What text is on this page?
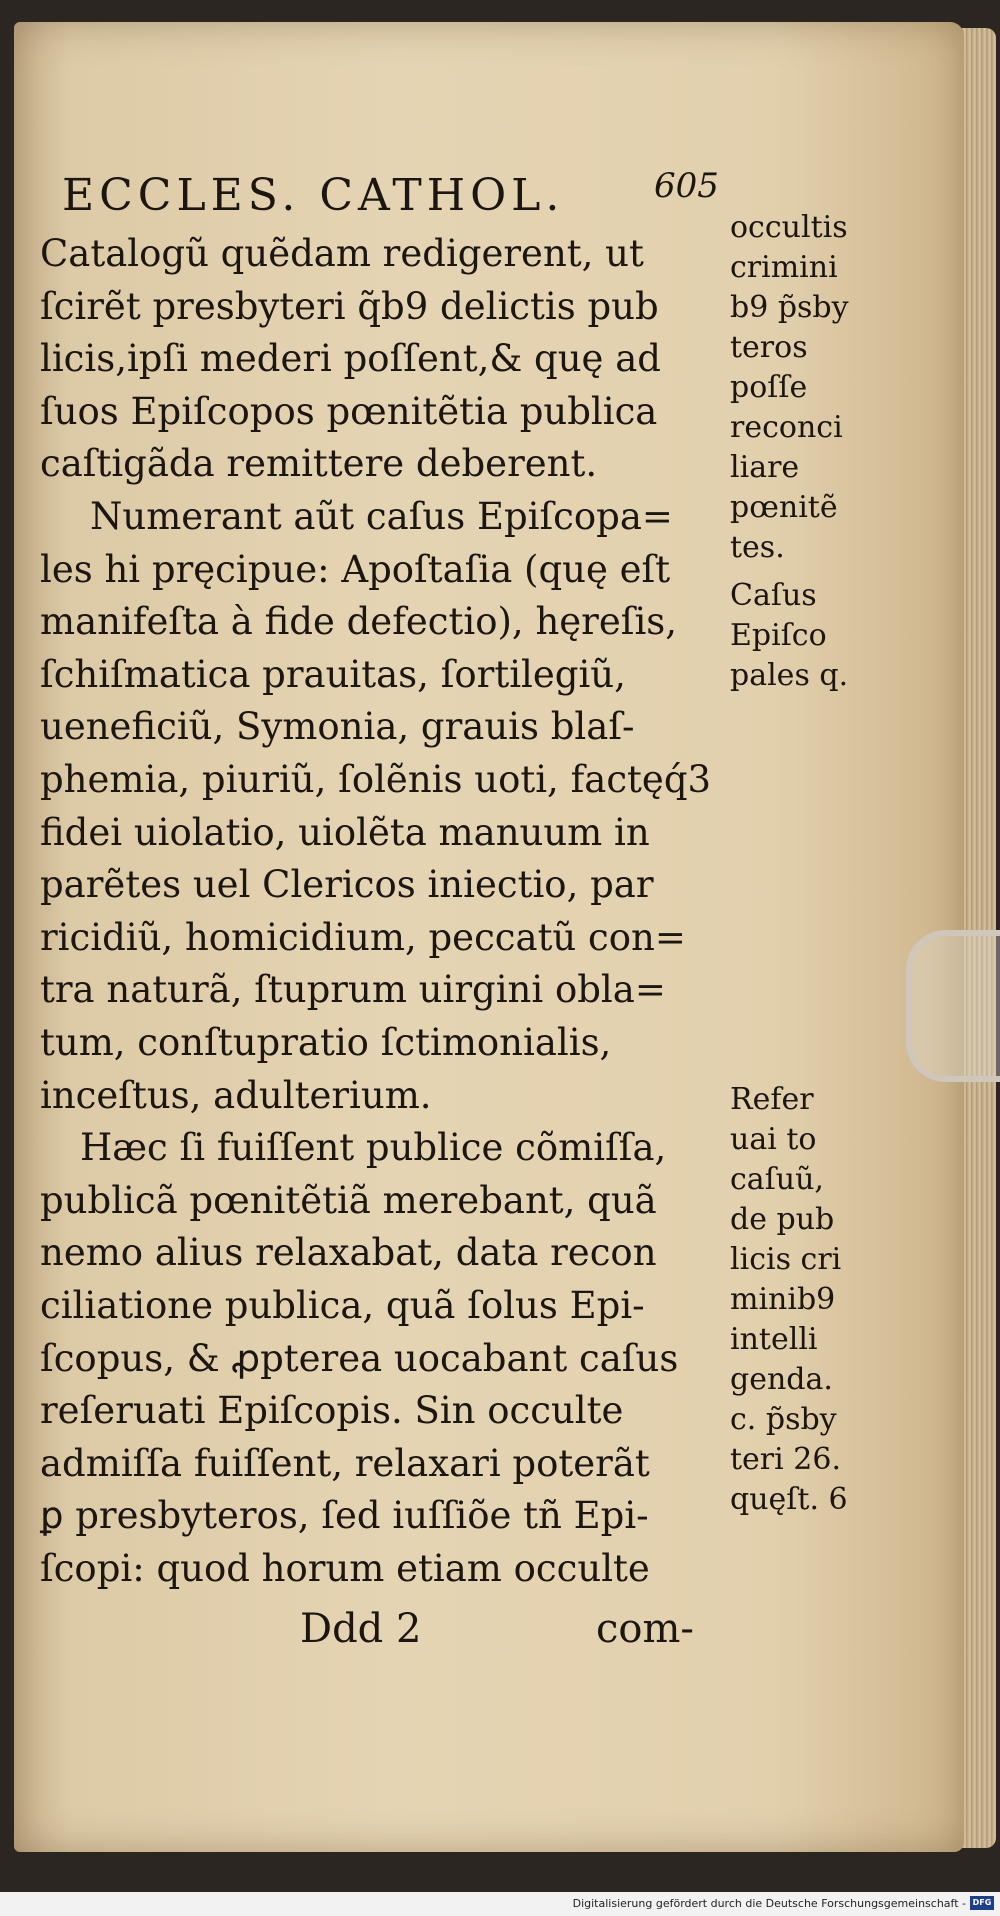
ECCLES. CATHOL.	605
Catalogũ quẽdam redigerent, ut
ſcirẽt presbyteri q̃b9 delictis pub
licis,ipſi mederi poſſent,& quę ad
ſuos Epiſcopos pœnitẽtia publica
caſtigãda remittere deberent.
Numerant aũt caſus Epiſcopa=
les hi pręcipue: Apoſtaſia (quę eſt
manifeſta à fide defectio), hęreſis,
ſchiſmatica prauitas, ſortilegiũ,
ueneficiũ, Symonia, grauis blaſ-
phemia, piuriũ, ſolẽnis uoti, factęq́3
fidei uiolatio, uiolẽta manuum in
parẽtes uel Clericos iniectio, par
ricidiũ, homicidium, peccatũ con=
tra naturã, ſtuprum uirgini obla=
tum, conſtupratio ſctimonialis,
inceſtus, adulterium.
Hæc ſi fuiſſent publice cõmiſſa,
publicã pœnitẽtiã merebant, quã
nemo alius relaxabat, data recon
ciliatione publica, quã ſolus Epi-
ſcopus, & ꝓpterea uocabant caſus
reſeruati Epiſcopis. Sin occulte
admiſſa fuiſſent, relaxari poterãt
ꝑ presbyteros, ſed iuſſiõe tñ Epi-
ſcopi: quod horum etiam occulte
occultis
crimini
b9 p̃sby
teros
poſſe
reconci
liare
pœnitẽ
tes.
Caſus
Epiſco
pales q.
Refer
uai to
caſuũ,
de pub
licis cri
minib9
intelli
genda.
c. p̃sby
teri 26.
quęſt. 6
Ddd 2	com-
Digitalisierung gefördert durch die Deutsche Forschungsgemeinschaft - DFG
